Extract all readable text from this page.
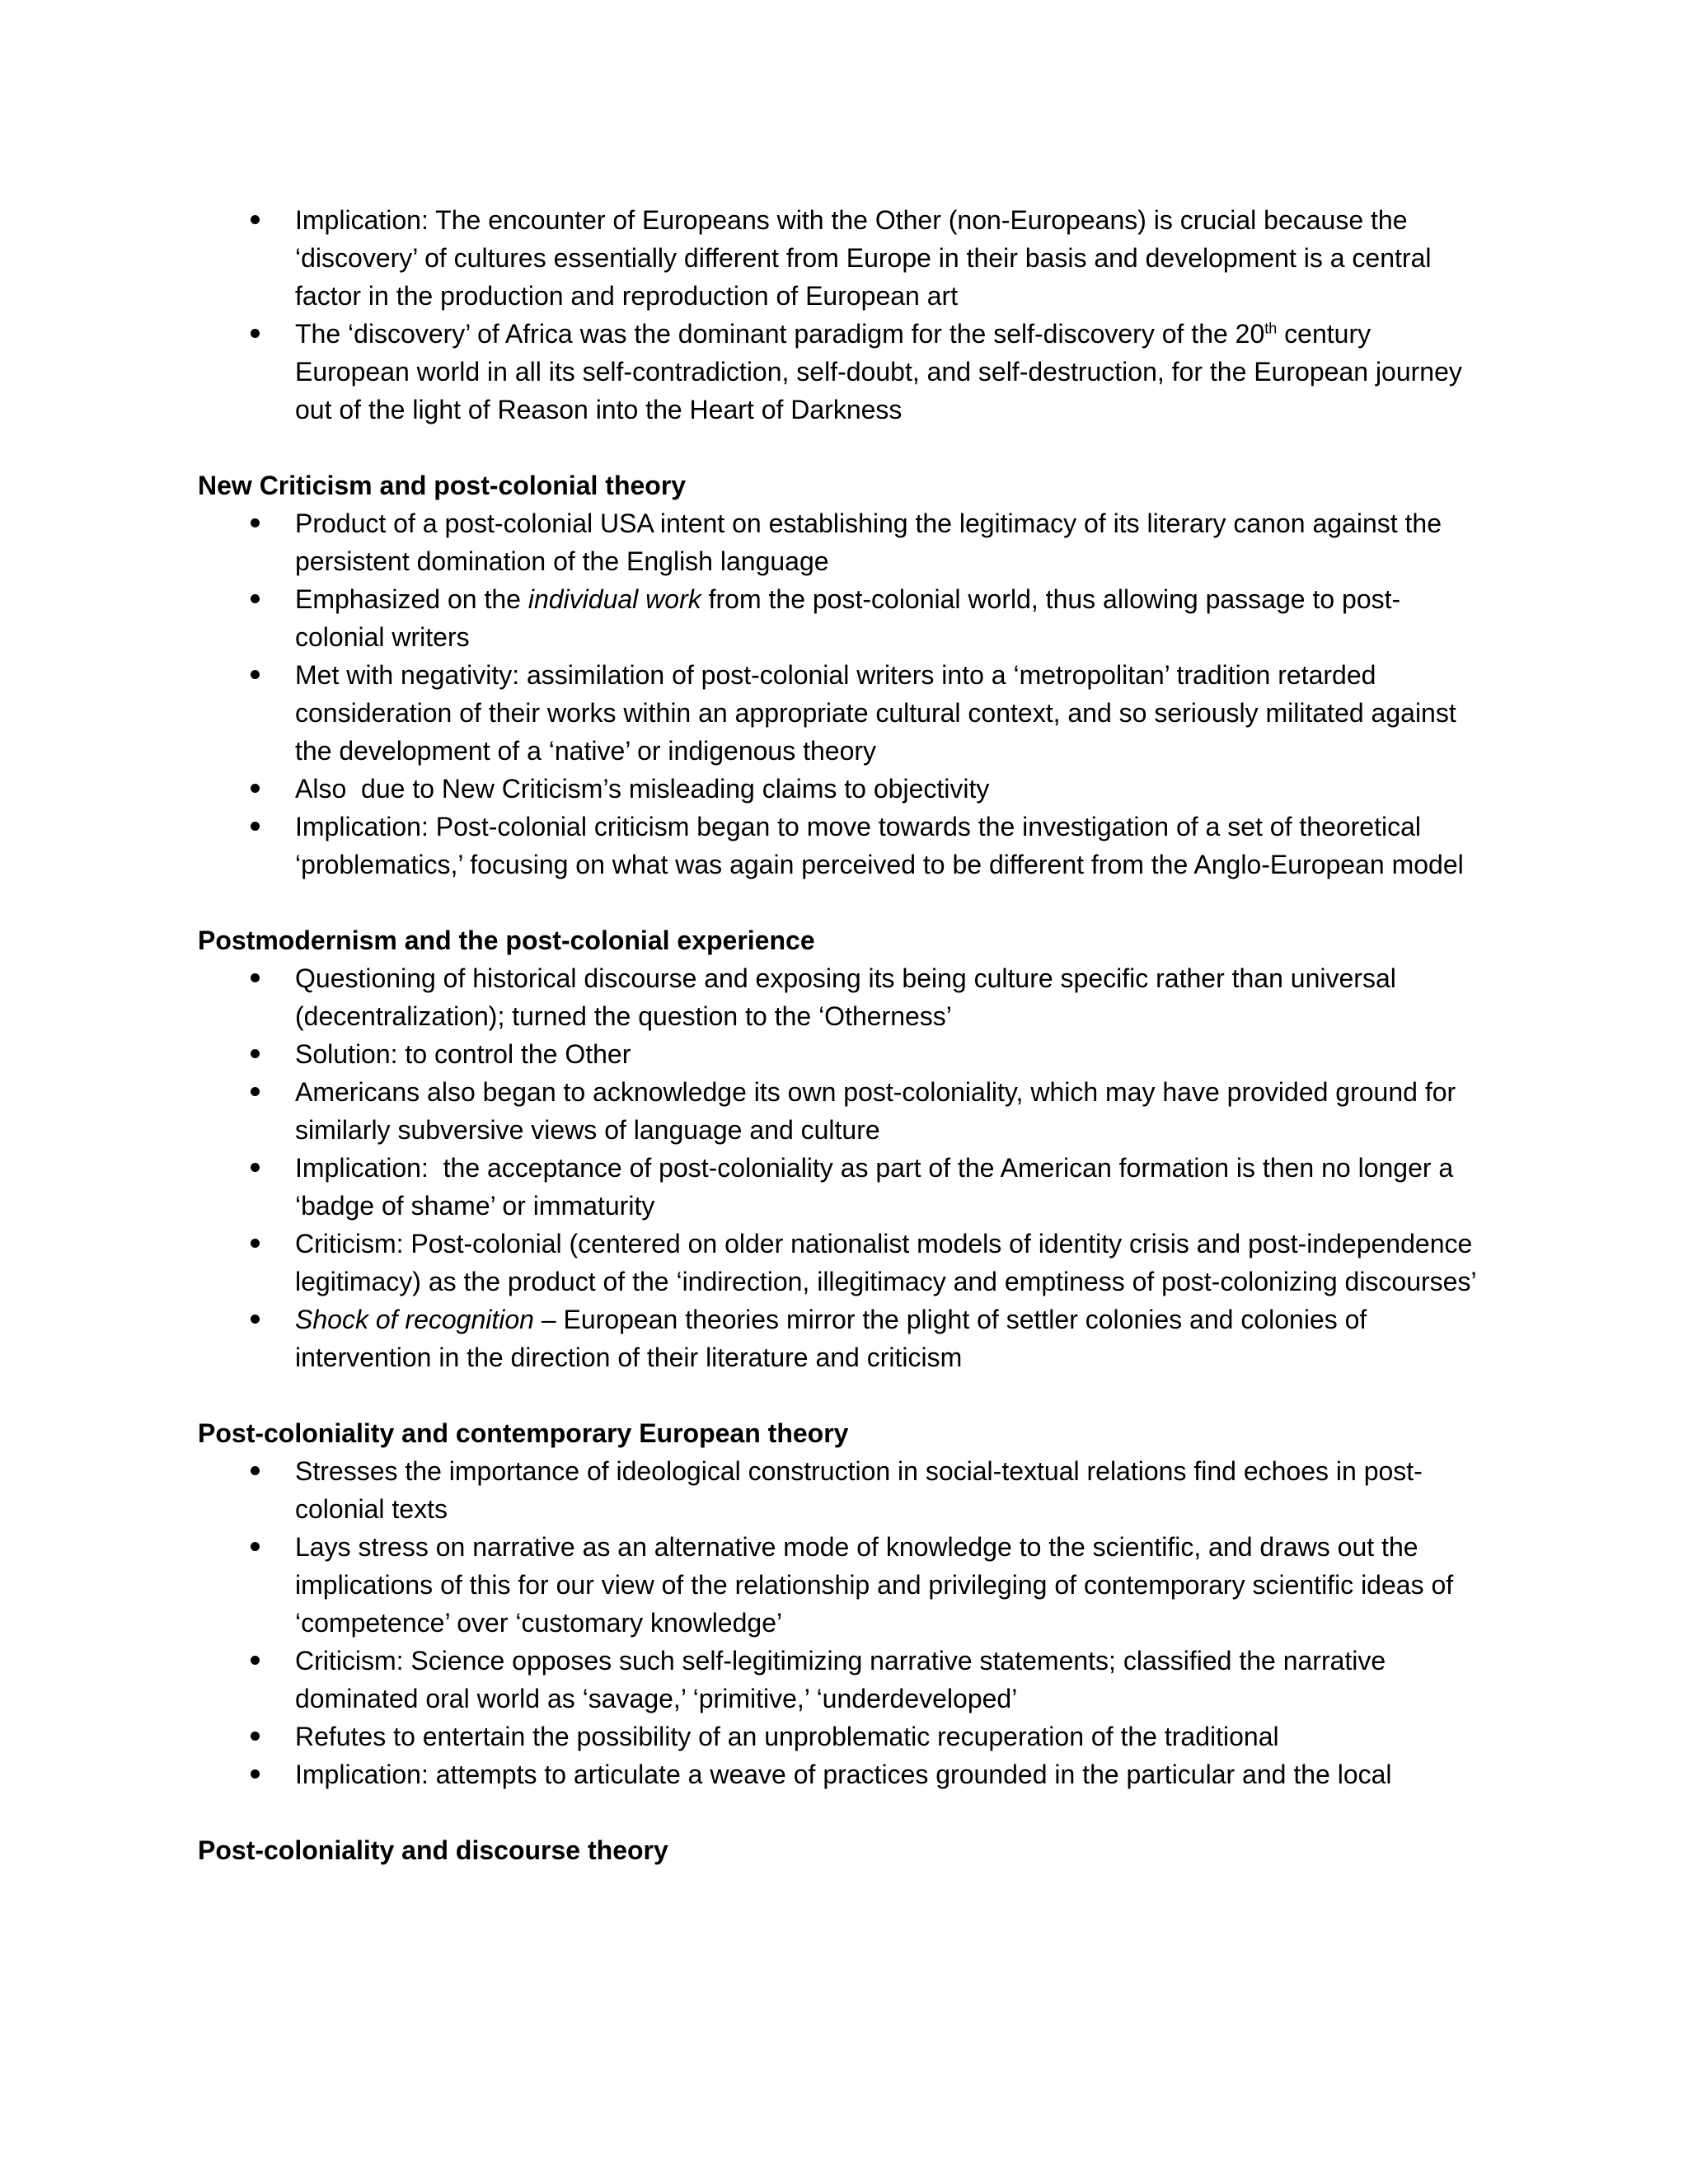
Implication: The encounter of Europeans with the Other (non-Europeans) is crucial because the ‘discovery’ of cultures essentially different from Europe in their basis and development is a central factor in the production and reproduction of European art
The ‘discovery’ of Africa was the dominant paradigm for the self-discovery of the 20th century European world in all its self-contradiction, self-doubt, and self-destruction, for the European journey out of the light of Reason into the Heart of Darkness

New Criticism and post-colonial theory

Product of a post-colonial USA intent on establishing the legitimacy of its literary canon against the persistent domination of the English language
Emphasized on the individual work from the post-colonial world, thus allowing passage to post-colonial writers
Met with negativity: assimilation of post-colonial writers into a ‘metropolitan’ tradition retarded consideration of their works within an appropriate cultural context, and so seriously militated against the development of a ‘native’ or indigenous theory
Also  due to New Criticism’s misleading claims to objectivity
Implication: Post-colonial criticism began to move towards the investigation of a set of theoretical ‘problematics,’ focusing on what was again perceived to be different from the Anglo-European model

Postmodernism and the post-colonial experience

Questioning of historical discourse and exposing its being culture specific rather than universal (decentralization); turned the question to the ‘Otherness’
Solution: to control the Other
Americans also began to acknowledge its own post-coloniality, which may have provided ground for similarly subversive views of language and culture
Implication:  the acceptance of post-coloniality as part of the American formation is then no longer a ‘badge of shame’ or immaturity
Criticism: Post-colonial (centered on older nationalist models of identity crisis and post-independence legitimacy) as the product of the ‘indirection, illegitimacy and emptiness of post-colonizing discourses’
Shock of recognition – European theories mirror the plight of settler colonies and colonies of intervention in the direction of their literature and criticism

Post-coloniality and contemporary European theory

Stresses the importance of ideological construction in social-textual relations find echoes in post-colonial texts
Lays stress on narrative as an alternative mode of knowledge to the scientific, and draws out the implications of this for our view of the relationship and privileging of contemporary scientific ideas of ‘competence’ over ‘customary knowledge’
Criticism: Science opposes such self-legitimizing narrative statements; classified the narrative dominated oral world as ‘savage,’ ‘primitive,’ ‘underdeveloped’
Refutes to entertain the possibility of an unproblematic recuperation of the traditional
Implication: attempts to articulate a weave of practices grounded in the particular and the local

Post-coloniality and discourse theory
